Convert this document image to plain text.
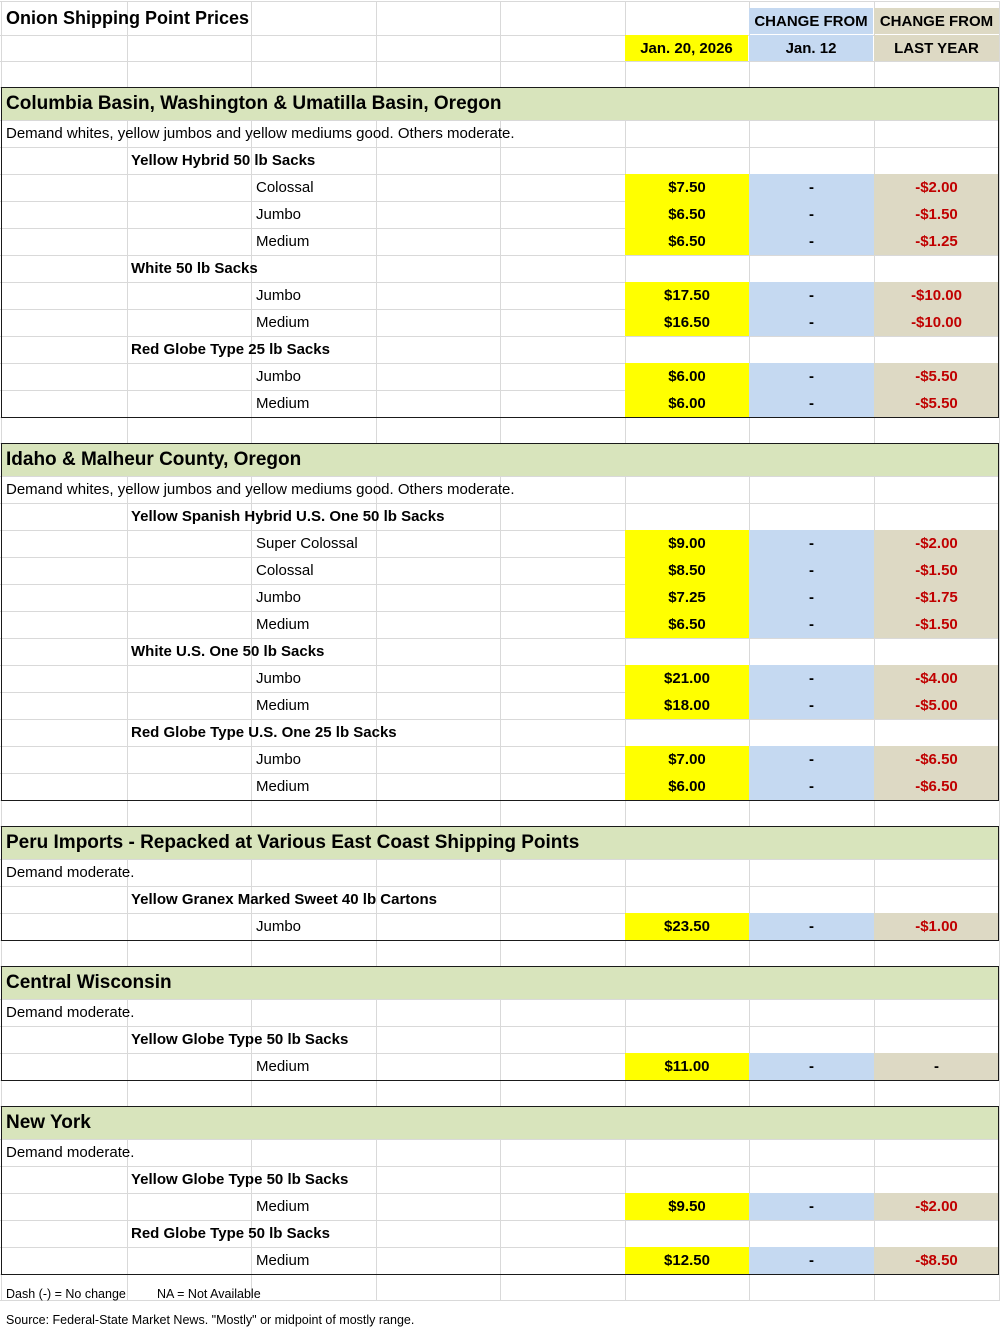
Onion Shipping Point Prices	CHANGE FROM CHANGE FROM
Jan. 20, 2026	Jan. 12	LAST YEAR
Columbia Basin, Washington & Umatilla Basin, Oregon
Demand whites, yellow jumbos and yellow mediums good. Others moderate.
Yellow Hybrid 50 lb Sacks
Colossal	$7.50	-	-$2.00
Jumbo	$6.50	-	-$1.50
Medium	$6.50	-	-$1.25
White 50 lb Sacks
Jumbo	$17.50	-	-$10.00
Medium	$16.50	-	-$10.00
Red Globe Type 25 lb Sacks
Jumbo	$6.00	-	-$5.50
Medium	$6.00	-	-$5.50
Idaho & Malheur County, Oregon
Demand whites, yellow jumbos and yellow mediums good. Others moderate.
Yellow Spanish Hybrid U.S. One 50 lb Sacks
Super Colossal	$9.00	-	-$2.00
Colossal	$8.50	-	-$1.50
Jumbo	$7.25	-	-$1.75
Medium	$6.50	-	-$1.50
White U.S. One 50 lb Sacks
Jumbo	$21.00	-	-$4.00
Medium	$18.00	-	-$5.00
Red Globe Type U.S. One 25 lb Sacks
Jumbo	$7.00	-	-$6.50
Medium	$6.00	-	-$6.50
Peru Imports - Repacked at Various East Coast Shipping Points
Demand moderate.
Yellow Granex Marked Sweet 40 lb Cartons
Jumbo	$23.50	-	-$1.00
Central Wisconsin
Demand moderate.
Yellow Globe Type 50 lb Sacks
Medium	$11.00	-	-
New York
Demand moderate.
Yellow Globe Type 50 lb Sacks
Medium	$9.50	-	-$2.00
Red Globe Type 50 lb Sacks
Medium	$12.50	-	-$8.50
Dash (-) = No change	NA = Not Available
Source: Federal-State Market News. "Mostly" or midpoint of mostly range.
